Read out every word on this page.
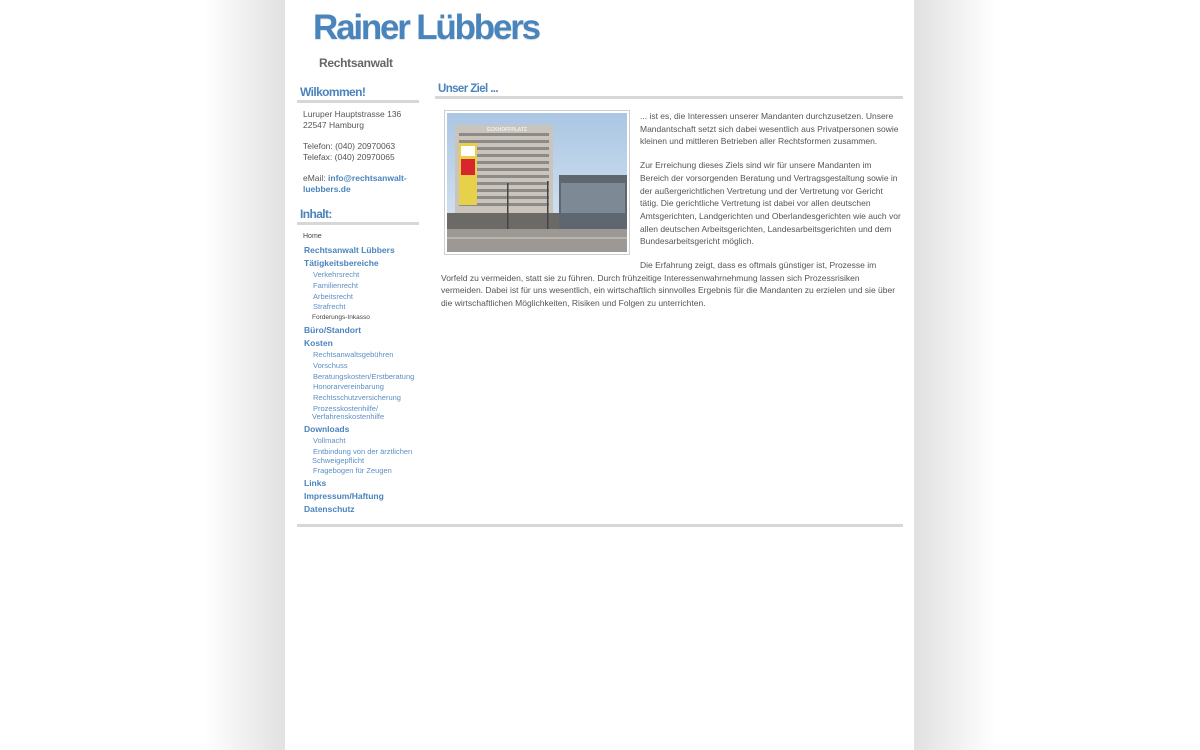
Rainer Lübbers
Rechtsanwalt
Wilkommen!

Luruper Hauptstrasse 136 22547 Hamburg

Telefon: (040) 20970063 Telefax: (040) 20970065

eMail: info@rechtsanwalt-luebbers.de

Inhalt:
Home
Rechtsanwalt Lübbers
Tätigkeitsbereiche
Verkehrsrecht
Familienrecht
Arbeitsrecht
Strafrecht
Forderungs-Inkasso
Büro/Standort
Kosten
Rechtsanwaltsgebühren
Vorschuss
Beratungskosten/Erstberatung
Honorarvereinbarung
Rechtsschutzversicherung
Prozesskostenhilfe/ Verfahrenskostenhilfe
Downloads
Vollmacht
Entbindung von der ärztlichen Schweigepflicht
Fragebogen für Zeugen
Links
Impressum/Haftung
Datenschutz
Unser Ziel ...
ECKHOFFPLATZ

... ist es, die Interessen unserer Mandanten durchzusetzen. Unsere Mandantschaft setzt sich dabei wesentlich aus Privatpersonen sowie kleinen und mittleren Betrieben aller Rechtsformen zusammen.

Zur Erreichung dieses Ziels sind wir für unsere Mandanten im Bereich der vorsorgenden Beratung und Vertragsgestaltung sowie in der außergerichtlichen Vertretung und der Vertretung vor Gericht tätig. Die gerichtliche Vertretung ist dabei vor allen deutschen Amtsgerichten, Landgerichten und Oberlandesgerichten wie auch vor allen deutschen Arbeitsgerichten, Landesarbeitsgerichten und dem Bundesarbeitsgericht möglich.

Die Erfahrung zeigt, dass es oftmals günstiger ist, Prozesse im Vorfeld zu vermeiden, statt sie zu führen. Durch frühzeitige Interessenwahrnehmung lassen sich Prozessrisiken vermeiden. Dabei ist für uns wesentlich, ein wirtschaftlich sinnvolles Ergebnis für die Mandanten zu erzielen und sie über die wirtschaftlichen Möglichkeiten, Risiken und Folgen zu unterrichten.
